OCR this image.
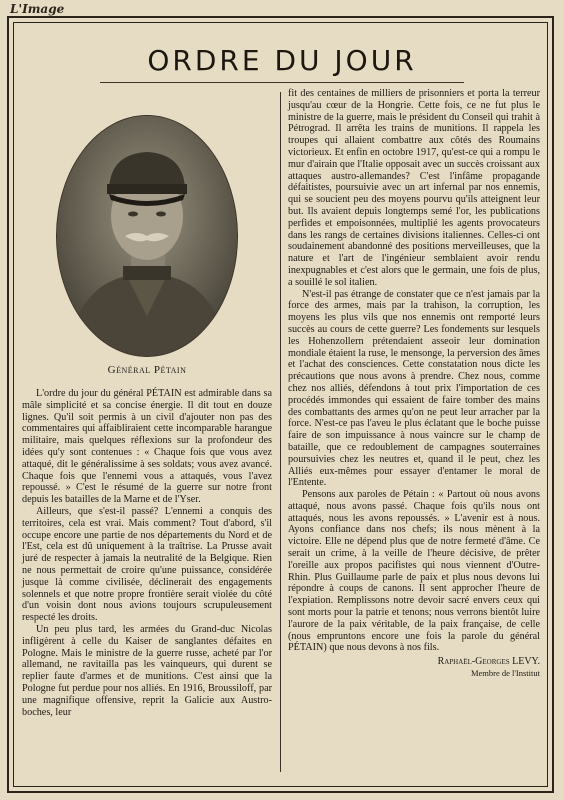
L'Image
ORDRE DU JOUR
Général Pétain

L'ordre du jour du général PÉTAIN est admirable dans sa mâle simplicité et sa concise énergie. Il dit tout en douze lignes. Qu'il soit permis à un civil d'ajouter non pas des commentaires qui affaibliraient cette incomparable harangue militaire, mais quelques réflexions sur la profondeur des idées qu'y sont contenues : « Chaque fois que vous avez attaqué, dit le généralissime à ses soldats; vous avez avancé. Chaque fois que l'ennemi vous a attaqués, vous l'avez repoussé. » C'est le résumé de la guerre sur notre front depuis les batailles de la Marne et de l'Yser.

Ailleurs, que s'est-il passé? L'ennemi a conquis des territoires, cela est vrai. Mais comment? Tout d'abord, s'il occupe encore une partie de nos départements du Nord et de l'Est, cela est dû uniquement à la traîtrise. La Prusse avait juré de respecter à jamais la neutralité de la Belgique. Rien ne nous permettait de croire qu'une puissance, considérée jusque là comme civilisée, déclinerait des engagements solennels et que notre propre frontière serait violée du côté d'un voisin dont nous avions toujours scrupuleusement respecté les droits.

Un peu plus tard, les armées du Grand-duc Nicolas infligèrent à celle du Kaiser de sanglantes défaites en Pologne. Mais le ministre de la guerre russe, acheté par l'or allemand, ne ravitailla pas les vainqueurs, qui durent se replier faute d'armes et de munitions. C'est ainsi que la Pologne fut perdue pour nos alliés. En 1916, Broussiloff, par une magnifique offensive, reprit la Galicie aux Austro-boches, leur

fit des centaines de milliers de prisonniers et porta la terreur jusqu'au cœur de la Hongrie. Cette fois, ce ne fut plus le ministre de la guerre, mais le président du Conseil qui trahit à Pétrograd. Il arrêta les trains de munitions. Il rappela les troupes qui allaient combattre aux côtés des Roumains victorieux. Et enfin en octobre 1917, qu'est-ce qui a rompu le mur d'airain que l'Italie opposait avec un succès croissant aux attaques austro-allemandes? C'est l'infâme propagande défaitistes, poursuivie avec un art infernal par nos ennemis, qui se soucient peu des moyens pourvu qu'ils atteignent leur but. Ils avaient depuis longtemps semé l'or, les publications perfides et empoisonnées, multiplié les agents provocateurs dans les rangs de certaines divisions italiennes. Celles-ci ont soudainement abandonné des positions merveilleuses, que la nature et l'art de l'ingénieur semblaient avoir rendu inexpugnables et c'est alors que le germain, une fois de plus, a souillé le sol italien.

N'est-il pas étrange de constater que ce n'est jamais par la force des armes, mais par la trahison, la corruption, les moyens les plus vils que nos ennemis ont remporté leurs succès au cours de cette guerre? Les fondements sur lesquels les Hohenzollern prétendaient asseoir leur domination mondiale étaient la ruse, le mensonge, la perversion des âmes et l'achat des consciences. Cette constatation nous dicte les précautions que nous avons à prendre. Chez nous, comme chez nos alliés, défendons à tout prix l'importation de ces procédés immondes qui essaient de faire tomber des mains des combattants des armes qu'on ne peut leur arracher par la force. N'est-ce pas l'aveu le plus éclatant que le boche puisse faire de son impuissance à nous vaincre sur le champ de bataille, que ce redoublement de campagnes souterraines poursuivies chez les neutres et, quand il le peut, chez les Alliés eux-mêmes pour essayer d'entamer le moral de l'Entente.

Pensons aux paroles de Pétain : « Partout où nous avons attaqué, nous avons passé. Chaque fois qu'ils nous ont attaqués, nous les avons repoussés. » L'avenir est à nous. Ayons confiance dans nos chefs; ils nous mènent à la victoire. Elle ne dépend plus que de notre fermeté d'âme. Ce serait un crime, à la veille de l'heure décisive, de prêter l'oreille aux propos pacifistes qui nous viennent d'Outre-Rhin. Plus Guillaume parle de paix et plus nous devons lui répondre à coups de canons. Il sent approcher l'heure de l'expiation. Remplissons notre devoir sacré envers ceux qui sont morts pour la patrie et tenons; nous verrons bientôt luire l'aurore de la paix véritable, de la paix française, de celle (nous empruntons encore une fois la parole du général PÉTAIN) que nous devons à nos fils.

Raphaël-Georges LEVY.
Membre de l'Institut
